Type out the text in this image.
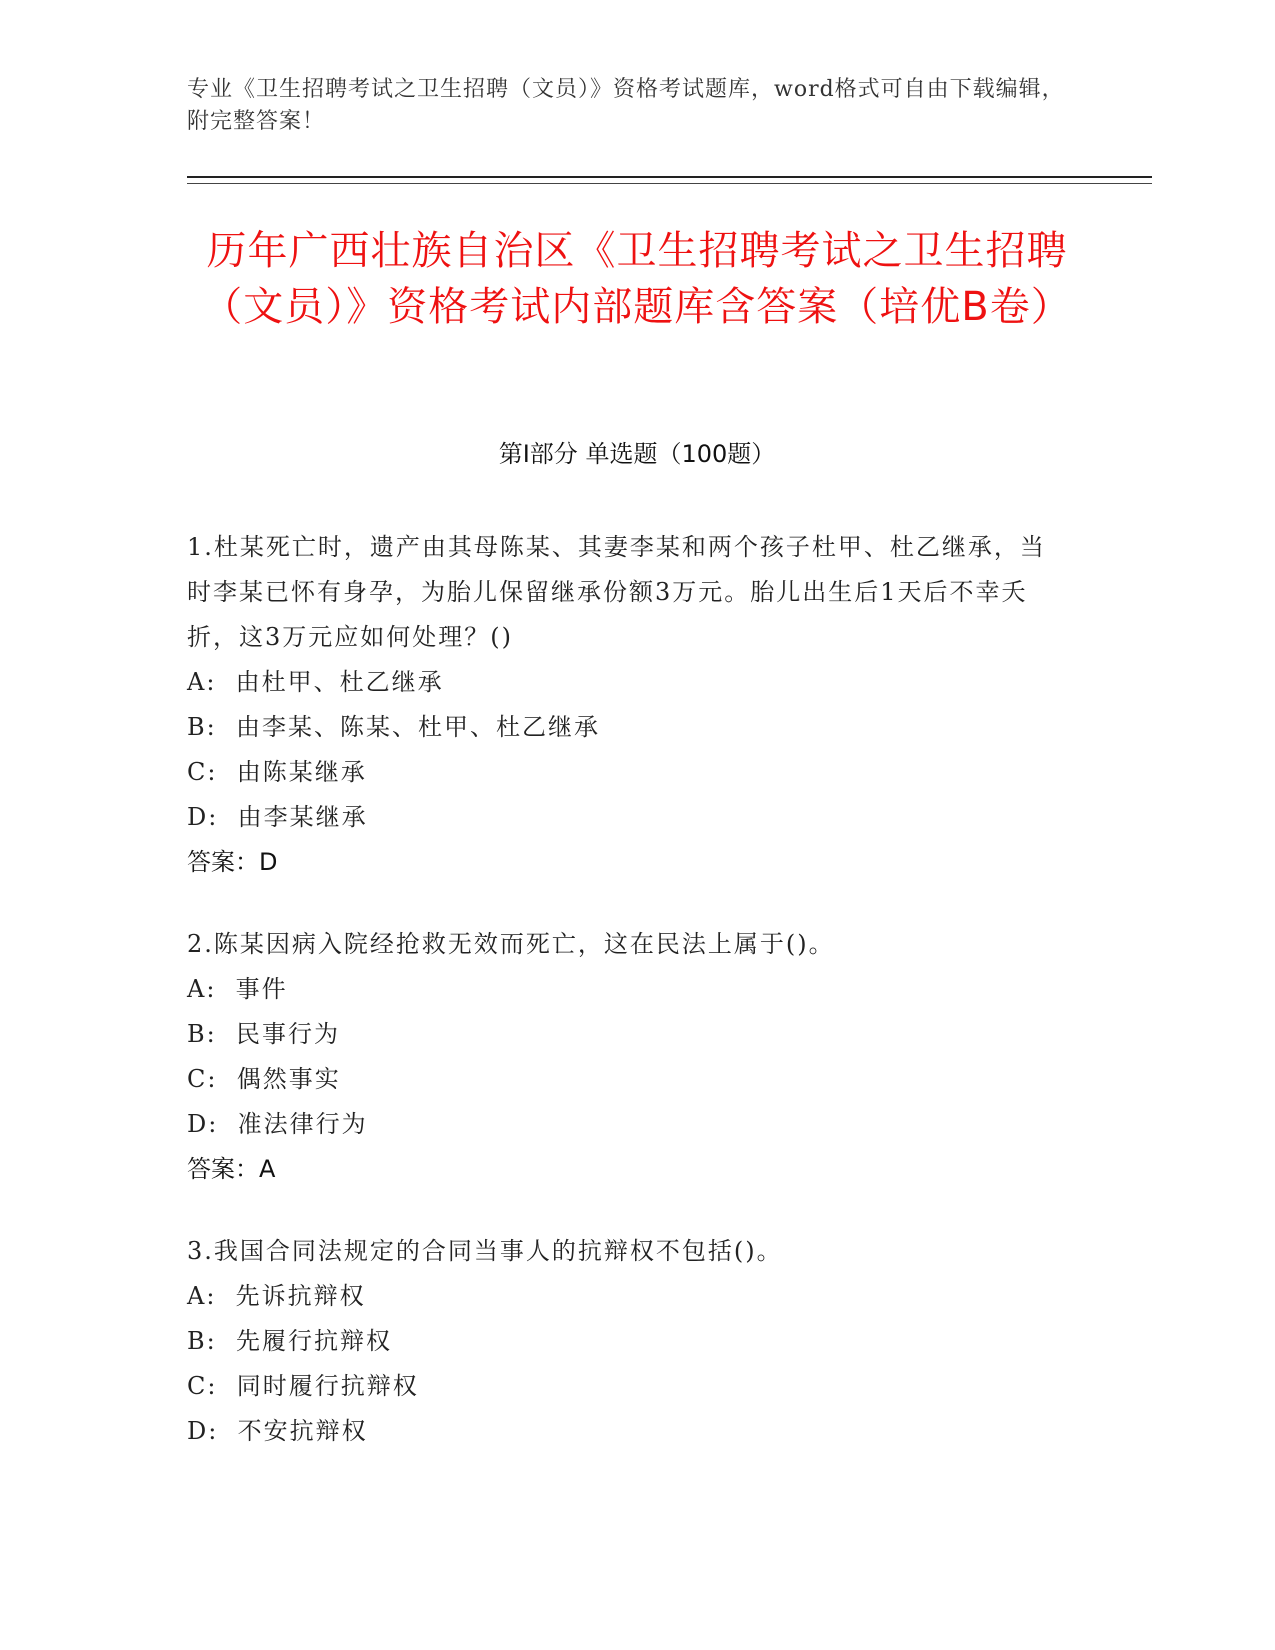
专业《卫生招聘考试之卫生招聘（文员）》资格考试题库，word格式可自由下载编辑，附完整答案！
历年广西壮族自治区《卫生招聘考试之卫生招聘（文员）》资格考试内部题库含答案（培优B卷）
第Ⅰ部分 单选题（100题）
1.杜某死亡时，遗产由其母陈某、其妻李某和两个孩子杜甲、杜乙继承，当时李某已怀有身孕，为胎儿保留继承份额3万元。胎儿出生后1天后不幸夭折，这3万元应如何处理？()
A:  由杜甲、杜乙继承
B:  由李某、陈某、杜甲、杜乙继承
C:  由陈某继承
D:  由李某继承
答案：D
2.陈某因病入院经抢救无效而死亡，这在民法上属于()。
A:  事件
B:  民事行为
C:  偶然事实
D:  准法律行为
答案：A
3.我国合同法规定的合同当事人的抗辩权不包括()。
A:  先诉抗辩权
B:  先履行抗辩权
C:  同时履行抗辩权
D:  不安抗辩权
